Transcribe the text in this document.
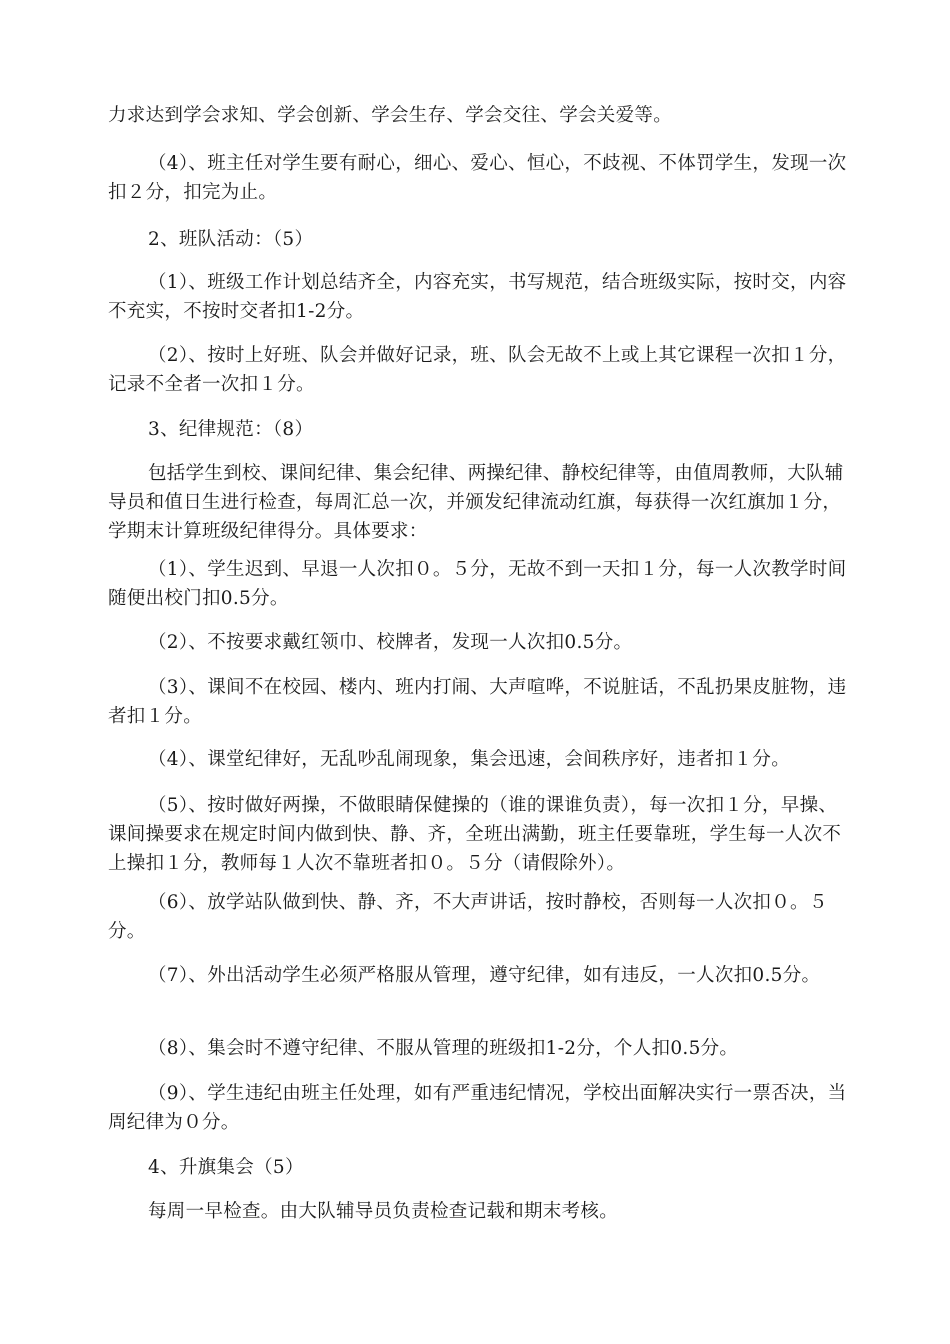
力求达到学会求知、学会创新、学会生存、学会交往、学会关爱等。

（4）、班主任对学生要有耐心，细心、爱心、恒心，不歧视、不体罚学生，发现一次扣２分，扣完为止。

2、班队活动：（5）

（1）、班级工作计划总结齐全，内容充实，书写规范，结合班级实际，按时交，内容不充实，不按时交者扣1-2分。

（2）、按时上好班、队会并做好记录，班、队会无故不上或上其它课程一次扣１分，记录不全者一次扣１分。

3、纪律规范：（8）

包括学生到校、课间纪律、集会纪律、两操纪律、静校纪律等，由值周教师，大队辅导员和值日生进行检查，每周汇总一次，并颁发纪律流动红旗，每获得一次红旗加１分，学期末计算班级纪律得分。具体要求：

（1）、学生迟到、早退一人次扣０。５分，无故不到一天扣１分，每一人次教学时间随便出校门扣0.5分。

（2）、不按要求戴红领巾、校牌者，发现一人次扣0.5分。

（3）、课间不在校园、楼内、班内打闹、大声喧哗，不说脏话，不乱扔果皮脏物，违者扣１分。

（4）、课堂纪律好，无乱吵乱闹现象，集会迅速，会间秩序好，违者扣１分。

（5）、按时做好两操，不做眼睛保健操的（谁的课谁负责），每一次扣１分，早操、课间操要求在规定时间内做到快、静、齐，全班出满勤，班主任要靠班，学生每一人次不上操扣１分，教师每１人次不靠班者扣０。５分（请假除外）。

（6）、放学站队做到快、静、齐，不大声讲话，按时静校，否则每一人次扣０。５分。

（7）、外出活动学生必须严格服从管理，遵守纪律，如有违反，一人次扣0.5分。

（8）、集会时不遵守纪律、不服从管理的班级扣1-2分，个人扣0.5分。

（9）、学生违纪由班主任处理，如有严重违纪情况，学校出面解决实行一票否决，当周纪律为０分。

4、升旗集会（5）

每周一早检查。由大队辅导员负责检查记载和期末考核。
